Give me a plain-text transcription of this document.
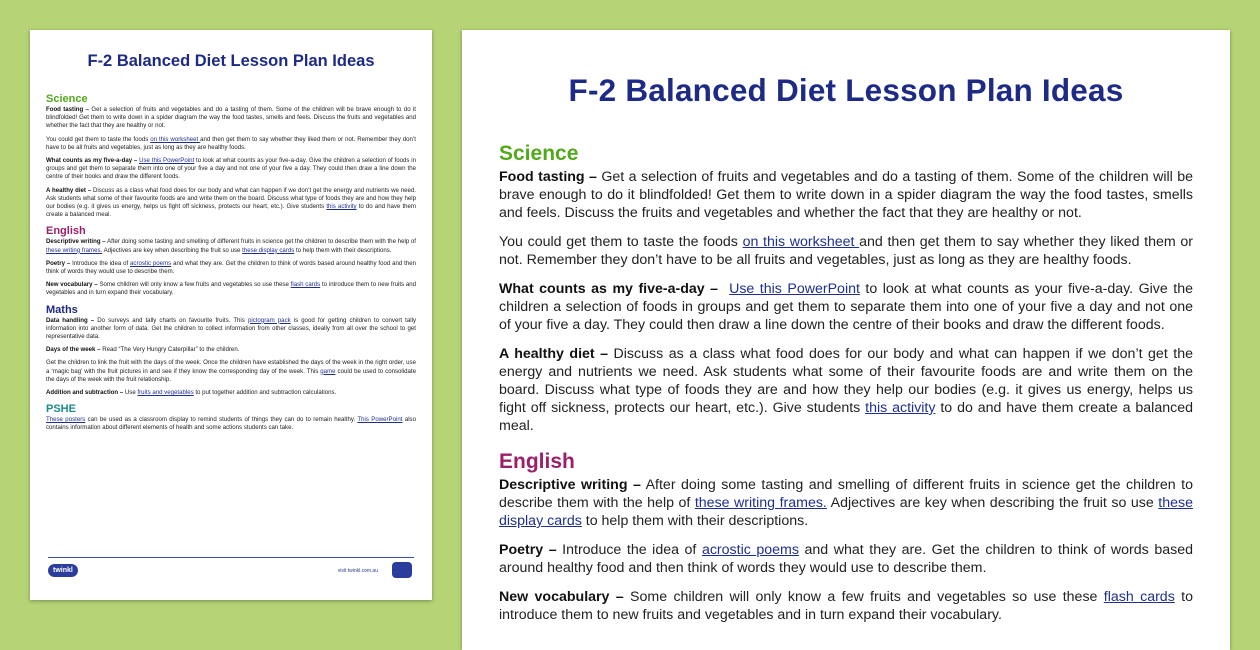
F-2 Balanced Diet Lesson Plan Ideas
Science

Food tasting – Get a selection of fruits and vegetables and do a tasting of them. Some of the children will be brave enough to do it blindfolded! Get them to write down in a spider diagram the way the food tastes, smells and feels. Discuss the fruits and vegetables and whether the fact that they are healthy or not.

You could get them to taste the foods on this worksheet and then get them to say whether they liked them or not. Remember they don’t have to be all fruits and vegetables, just as long as they are healthy foods.

What counts as my five-a-day – Use this PowerPoint to look at what counts as your five-a-day. Give the children a selection of foods in groups and get them to separate them into one of your five a day and not one of your five a day. They could then draw a line down the centre of their books and draw the different foods.

A healthy diet – Discuss as a class what food does for our body and what can happen if we don’t get the energy and nutrients we need. Ask students what some of their favourite foods are and write them on the board. Discuss what type of foods they are and how they help our bodies (e.g. it gives us energy, helps us fight off sickness, protects our heart, etc.). Give students this activity to do and have them create a balanced meal.

English

Descriptive writing – After doing some tasting and smelling of different fruits in science get the children to describe them with the help of these writing frames. Adjectives are key when describing the fruit so use these display cards to help them with their descriptions.

Poetry – Introduce the idea of acrostic poems and what they are. Get the children to think of words based around healthy food and then think of words they would use to describe them.

New vocabulary – Some children will only know a few fruits and vegetables so use these flash cards to introduce them to new fruits and vegetables and in turn expand their vocabulary.

Maths

Data handling – Do surveys and tally charts on favourite fruits. This pictogram pack is good for getting children to convert tally information into another form of data. Get the children to collect information from other classes, ideally from all over the school to get representative data.

Days of the week – Read “The Very Hungry Caterpillar” to the children.

Get the children to link the fruit with the days of the week. Once the children have established the days of the week in the right order, use a ‘magic bag’ with the fruit pictures in and see if they know the corresponding day of the week. This game could be used to consolidate the days of the week with the fruit relationship.

Addition and subtraction – Use fruits and vegetables to put together addition and subtraction calculations.

PSHE

These posters can be used as a classroom display to remind students of things they can do to remain healthy. This PowerPoint also contains information about different elements of health and some actions students can take.

twinkl	visit twinkl.com.au
F-2 Balanced Diet Lesson Plan Ideas
Science

Food tasting – Get a selection of fruits and vegetables and do a tasting of them. Some of the children will be brave enough to do it blindfolded! Get them to write down in a spider diagram the way the food tastes, smells and feels. Discuss the fruits and vegetables and whether the fact that they are healthy or not.

You could get them to taste the foods on this worksheet and then get them to say whether they liked them or not. Remember they don’t have to be all fruits and vegetables, just as long as they are healthy foods.

What counts as my five-a-day – Use this PowerPoint to look at what counts as your five-a-day. Give the children a selection of foods in groups and get them to separate them into one of your five a day and not one of your five a day. They could then draw a line down the centre of their books and draw the different foods.

A healthy diet – Discuss as a class what food does for our body and what can happen if we don’t get the energy and nutrients we need. Ask students what some of their favourite foods are and write them on the board. Discuss what type of foods they are and how they help our bodies (e.g. it gives us energy, helps us fight off sickness, protects our heart, etc.). Give students this activity to do and have them create a balanced meal.

English

Descriptive writing – After doing some tasting and smelling of different fruits in science get the children to describe them with the help of these writing frames. Adjectives are key when describing the fruit so use these display cards to help them with their descriptions.

Poetry – Introduce the idea of acrostic poems and what they are. Get the children to think of words based around healthy food and then think of words they would use to describe them.

New vocabulary – Some children will only know a few fruits and vegetables so use these flash cards to introduce them to new fruits and vegetables and in turn expand their vocabulary.
